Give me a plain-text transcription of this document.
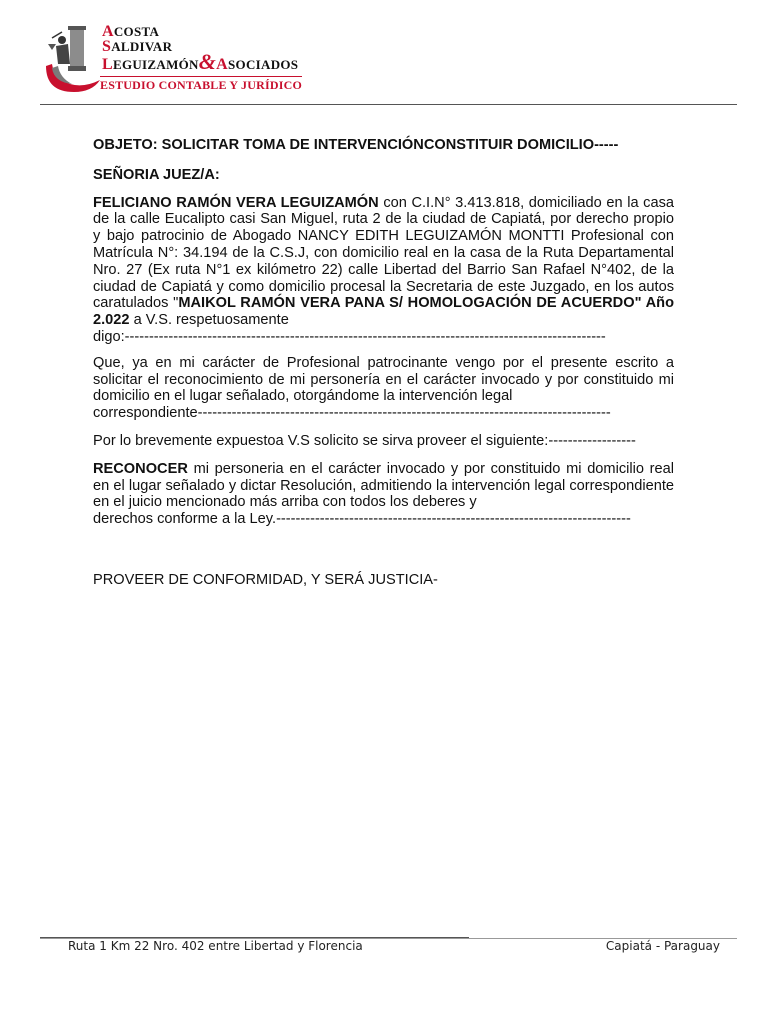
ACOSTA
SALDIVAR
LEGUIZAMÓN&ASOCIADOS
ESTUDIO CONTABLE Y JURÍDICO

OBJETO: SOLICITAR TOMA DE INTERVENCIÓNCONSTITUIR DOMICILIO-----

SEÑORIA JUEZ/A:

FELICIANO RAMÓN VERA LEGUIZAMÓN con C.I.N° 3.413.818, domiciliado en la casa de la calle Eucalipto casi San Miguel, ruta 2 de la ciudad de Capiatá, por derecho propio y bajo patrocinio de Abogado NANCY EDITH LEGUIZAMÓN MONTTI Profesional con Matrícula N°: 34.194 de la C.S.J, con domicilio real en la casa de la Ruta Departamental Nro. 27 (Ex ruta N°1 ex kilómetro 22) calle Libertad del Barrio San Rafael N°402, de la ciudad de Capiatá y como domicilio procesal la Secretaria de este Juzgado, en los autos caratulados "MAIKOL RAMÓN VERA PANA S/ HOMOLOGACIÓN DE ACUERDO" Año 2.022 a V.S. respetuosamente

digo:---------------------------------------------------------------------------------------------------

Que, ya en mi carácter de Profesional patrocinante vengo por el presente escrito a solicitar el reconocimiento de mi personería en el carácter invocado y por constituido mi domicilio en el lugar señalado, otorgándome la intervención legal

correspondiente-------------------------------------------------------------------------------------

Por lo brevemente expuestoa V.S solicito se sirva proveer el siguiente:------------------

RECONOCER mi personeria en el carácter invocado y por constituido mi domicilio real en el lugar señalado y dictar Resolución, admitiendo la intervención legal correspondiente en el juicio mencionado más arriba con todos los deberes y

derechos conforme a la Ley.-------------------------------------------------------------------------

PROVEER DE CONFORMIDAD, Y SERÁ JUSTICIA-

Ruta 1 Km 22 Nro. 402 entre Libertad y Florencia	Capiatá - Paraguay
